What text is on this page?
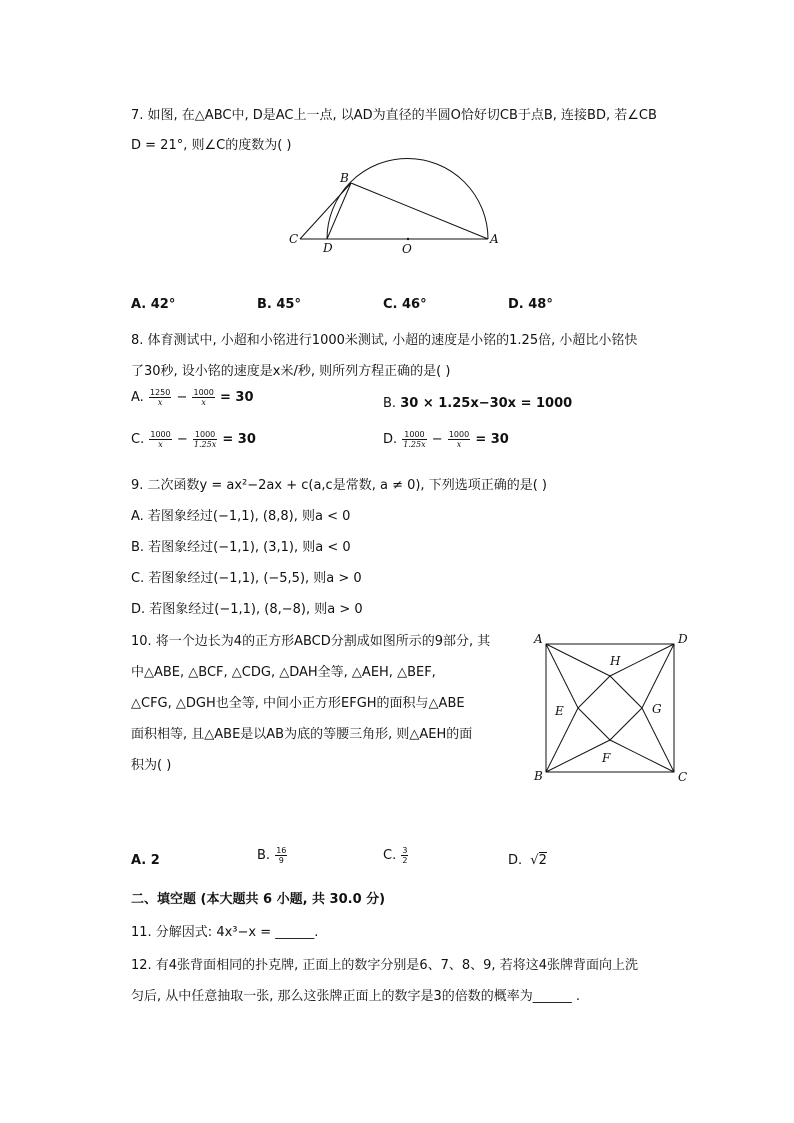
7. 如图, 在△ABC中, D是AC上一点, 以AD为直径的半圆O恰好切CB于点B, 连接BD, 若∠CB
D = 21°, 则∠C的度数为( )
B
C
D	O
A
A. 42°	B. 45°	C. 46°	D. 48°
8. 体育测试中, 小超和小铭进行1000米测试, 小超的速度是小铭的1.25倍, 小超比小铭快
了30秒, 设小铭的速度是x米/秒, 则所列方程正确的是( )
A. $\frac{1250}{x} - \frac{1000}{x} = 30$	B. 30 × 1.25x−30x = 1000
C. $\frac{1000}{x} - \frac{1000}{1.25x} = 30$	D. $\frac{1000}{1.25x} - \frac{1000}{x} = 30$
9. 二次函数y = ax²−2ax + c(a,c是常数, a ≠ 0), 下列选项正确的是( )
A. 若图象经过(−1,1), (8,8), 则a < 0
B. 若图象经过(−1,1), (3,1), 则a < 0
C. 若图象经过(−1,1), (−5,5), 则a > 0
D. 若图象经过(−1,1), (8,−8), 则a > 0
10. 将一个边长为4的正方形ABCD分割成如图所示的9部分, 其
中△ABE, △BCF, △CDG, △DAH全等, △AEH, △BEF,
△CFG, △DGH也全等, 中间小正方形EFGH的面积与△ABE
面积相等, 且△ABE是以AB为底的等腰三角形, 则△AEH的面
积为( )
A	D
B	C
E	G
H
F
A. 2	B. $\frac{16}{9}$	C. $\frac{3}{2}$	D. √2
二、填空题 (本大题共 6 小题, 共 30.0 分)
11. 分解因式: 4x³−x = ______.
12. 有4张背面相同的扑克牌, 正面上的数字分别是6、7、8、9, 若将这4张牌背面向上洗
匀后, 从中任意抽取一张, 那么这张牌正面上的数字是3的倍数的概率为______ .
